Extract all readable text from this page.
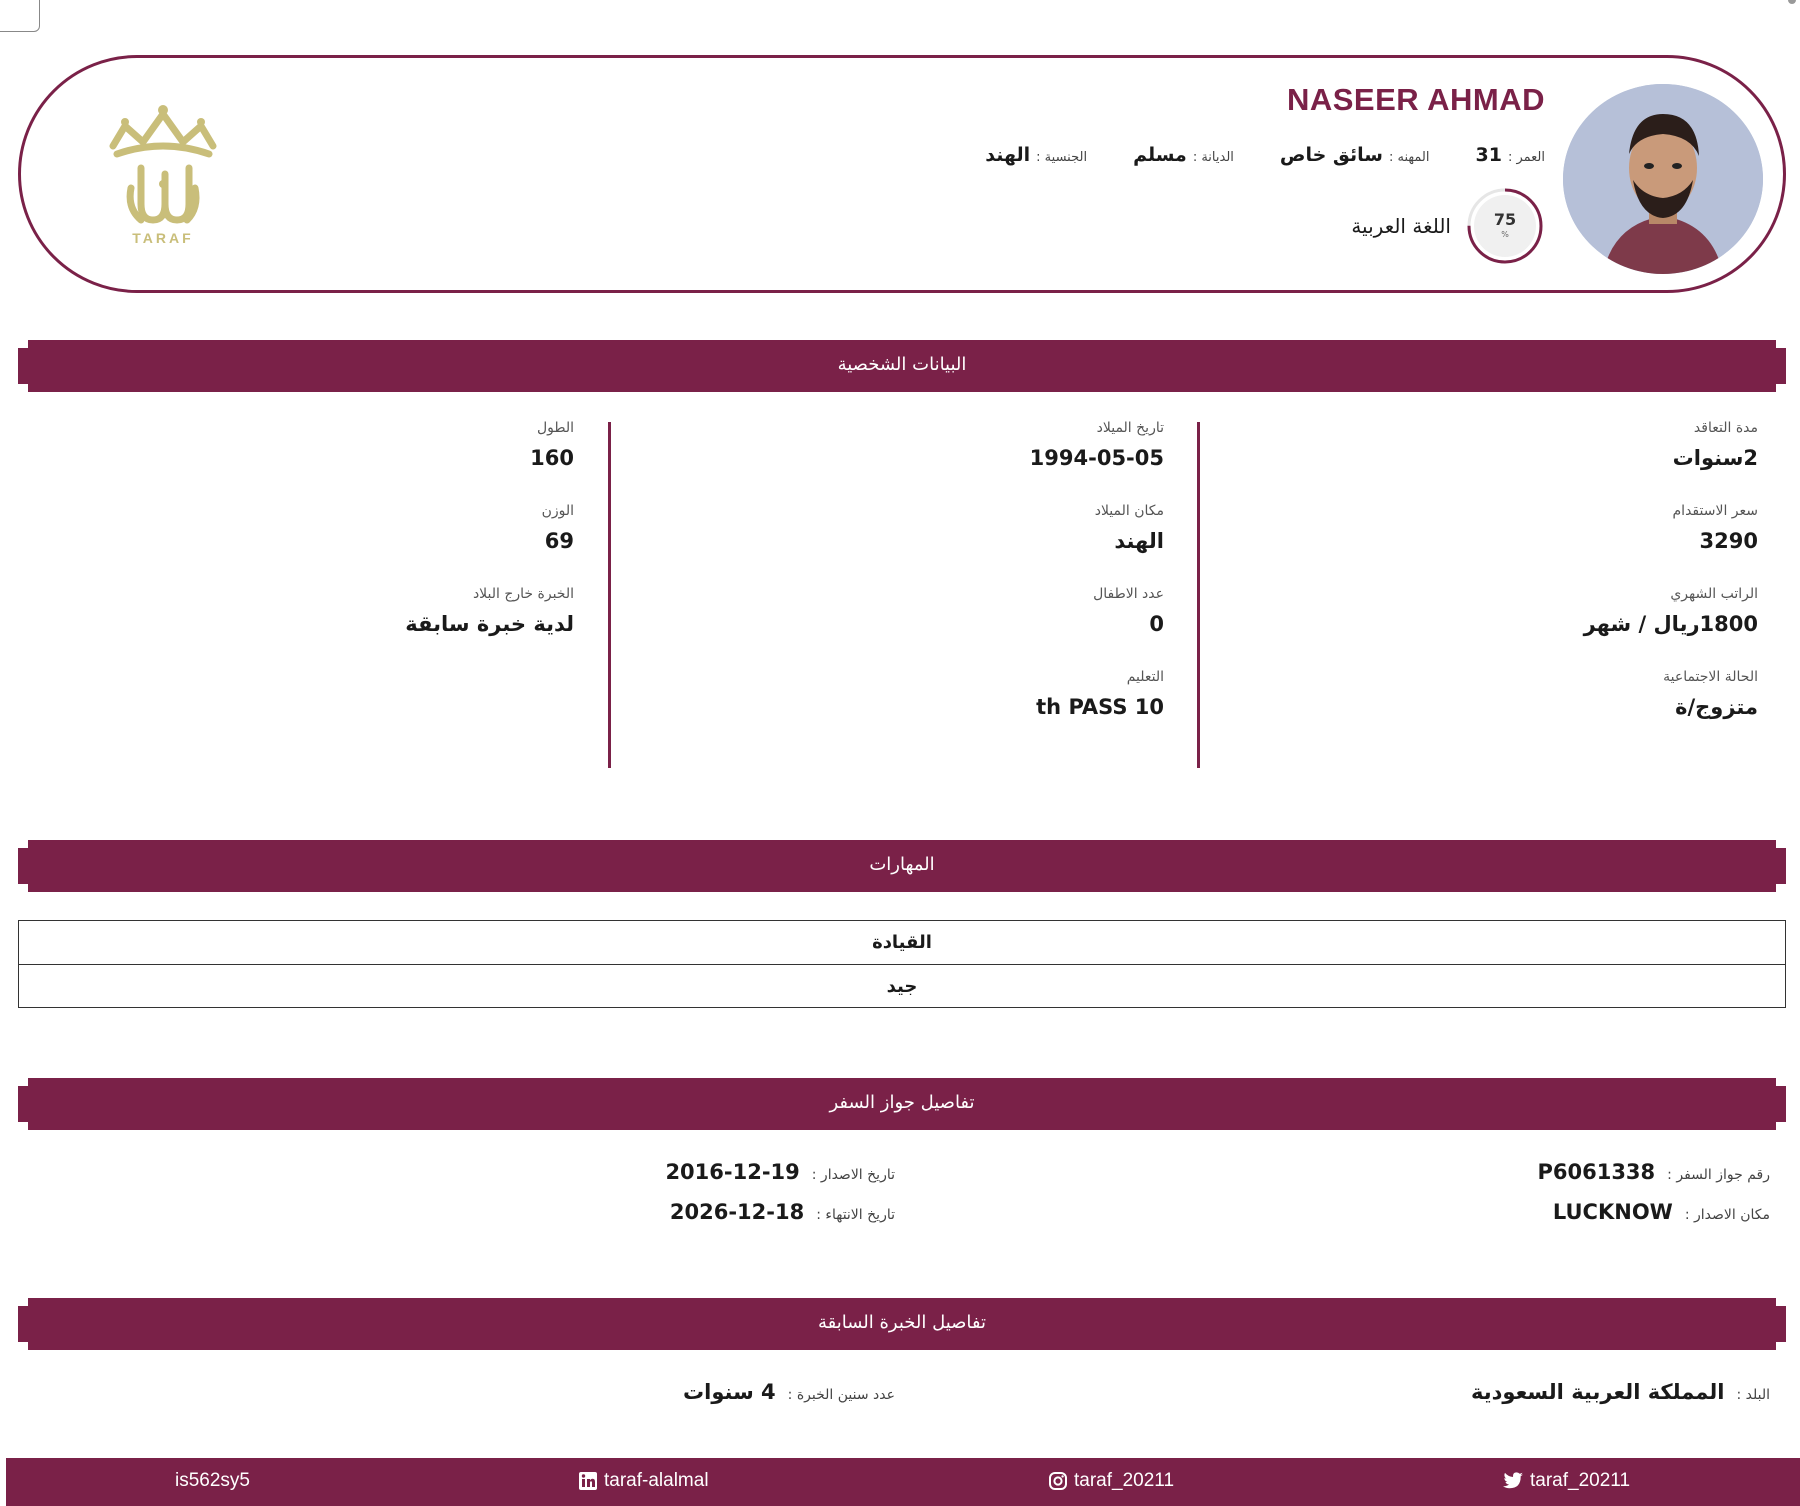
TARAF
NASEER AHMAD
الجنسية :
الهند	الديانة :
مسلم	المهنه :
سائق خاص	العمر :
31
اللغة العربية	75
%
البيانات الشخصية
مدة التعاقد
2سنوات
سعر الاستقدام
3290
الراتب الشهري
1800ريال / شهر
الحالة الاجتماعية
متزوج/ة
تاريخ الميلاد
1994-05-05
مكان الميلاد
الهند
عدد الاطفال
0
التعليم
th PASS 10
الطول
160
الوزن
69
الخبرة خارج البلاد
لدية خبرة سابقة
المهارات
القيادة
جيد
تفاصيل جواز السفر
رقم جواز السفر :
P6061338
مكان الاصدار :
LUCKNOW
تاريخ الاصدار :
2016-12-19
تاريخ الانتهاء :
2026-12-18
تفاصيل الخبرة السابقة
البلد :
المملكة العربية السعودية
عدد سنين الخبرة :
4 سنوات
is562sy5	taraf-alalmal	taraf_20211	taraf_20211
